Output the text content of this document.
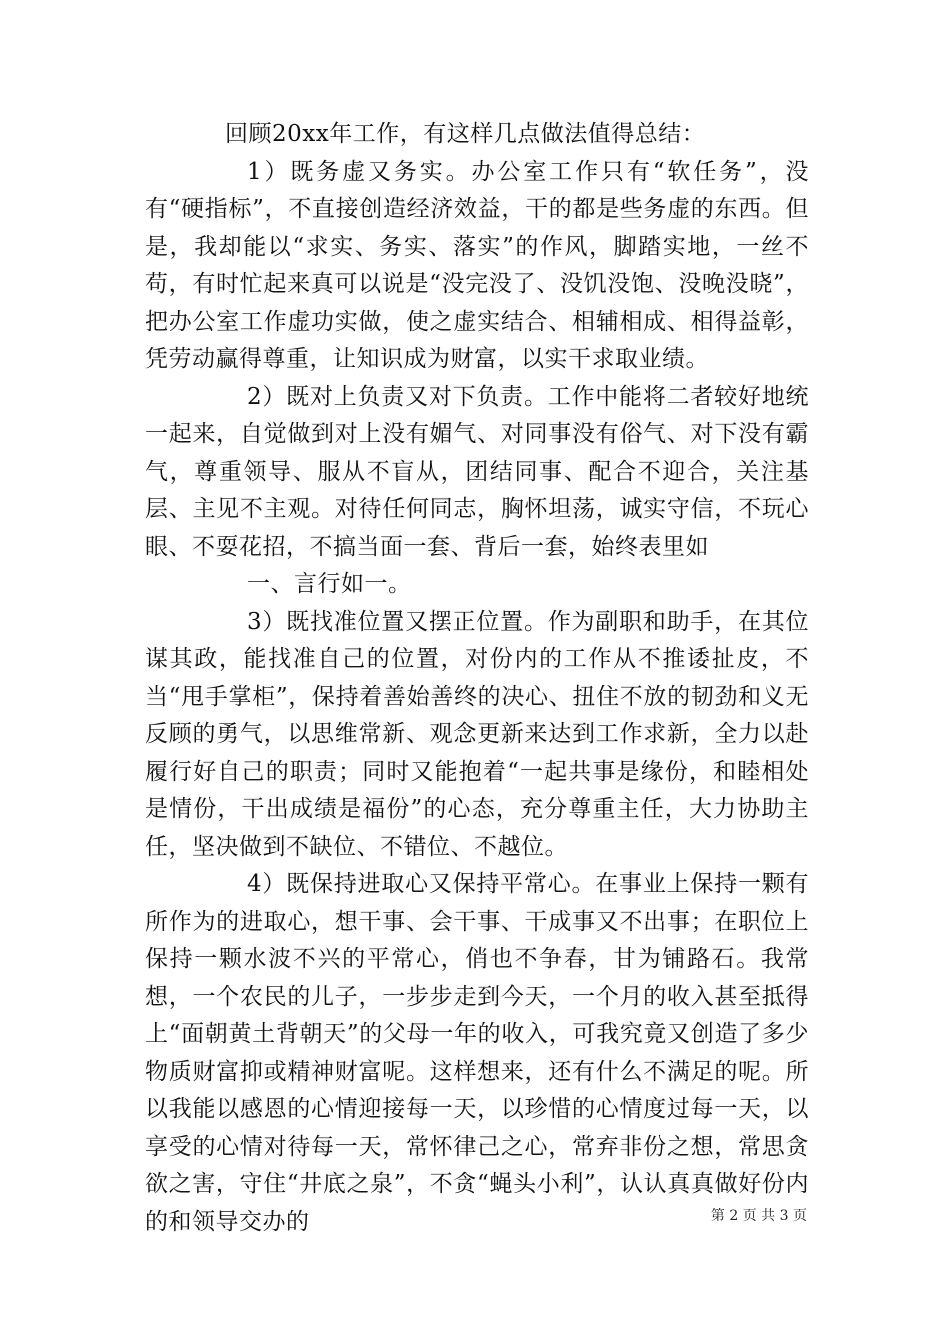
回顾20xx年工作，有这样几点做法值得总结：

1）既务虚又务实。办公室工作只有“软任务”，没有“硬指标”，不直接创造经济效益，干的都是些务虚的东西。但是，我却能以“求实、务实、落实”的作风，脚踏实地，一丝不苟，有时忙起来真可以说是“没完没了、没饥没饱、没晚没晓”，把办公室工作虚功实做，使之虚实结合、相辅相成、相得益彰，凭劳动赢得尊重，让知识成为财富，以实干求取业绩。

2）既对上负责又对下负责。工作中能将二者较好地统一起来，自觉做到对上没有媚气、对同事没有俗气、对下没有霸气，尊重领导、服从不盲从，团结同事、配合不迎合，关注基层、主见不主观。对待任何同志，胸怀坦荡，诚实守信，不玩心眼、不耍花招，不搞当面一套、背后一套，始终表里如

一、言行如一。

3）既找准位置又摆正位置。作为副职和助手，在其位谋其政，能找准自己的位置，对份内的工作从不推诿扯皮，不当“甩手掌柜”，保持着善始善终的决心、扭住不放的韧劲和义无反顾的勇气，以思维常新、观念更新来达到工作求新，全力以赴履行好自己的职责；同时又能抱着“一起共事是缘份，和睦相处是情份，干出成绩是福份”的心态，充分尊重主任，大力协助主任，坚决做到不缺位、不错位、不越位。

4）既保持进取心又保持平常心。在事业上保持一颗有所作为的进取心，想干事、会干事、干成事又不出事；在职位上保持一颗水波不兴的平常心，俏也不争春，甘为铺路石。我常想，一个农民的儿子，一步步走到今天，一个月的收入甚至抵得上“面朝黄土背朝天”的父母一年的收入，可我究竟又创造了多少物质财富抑或精神财富呢。这样想来，还有什么不满足的呢。所以我能以感恩的心情迎接每一天，以珍惜的心情度过每一天，以享受的心情对待每一天，常怀律己之心，常弃非份之想，常思贪欲之害，守住“井底之泉”，不贪“蝇头小利”，认认真真做好份内的和领导交办的	第 2 页 共 3 页
